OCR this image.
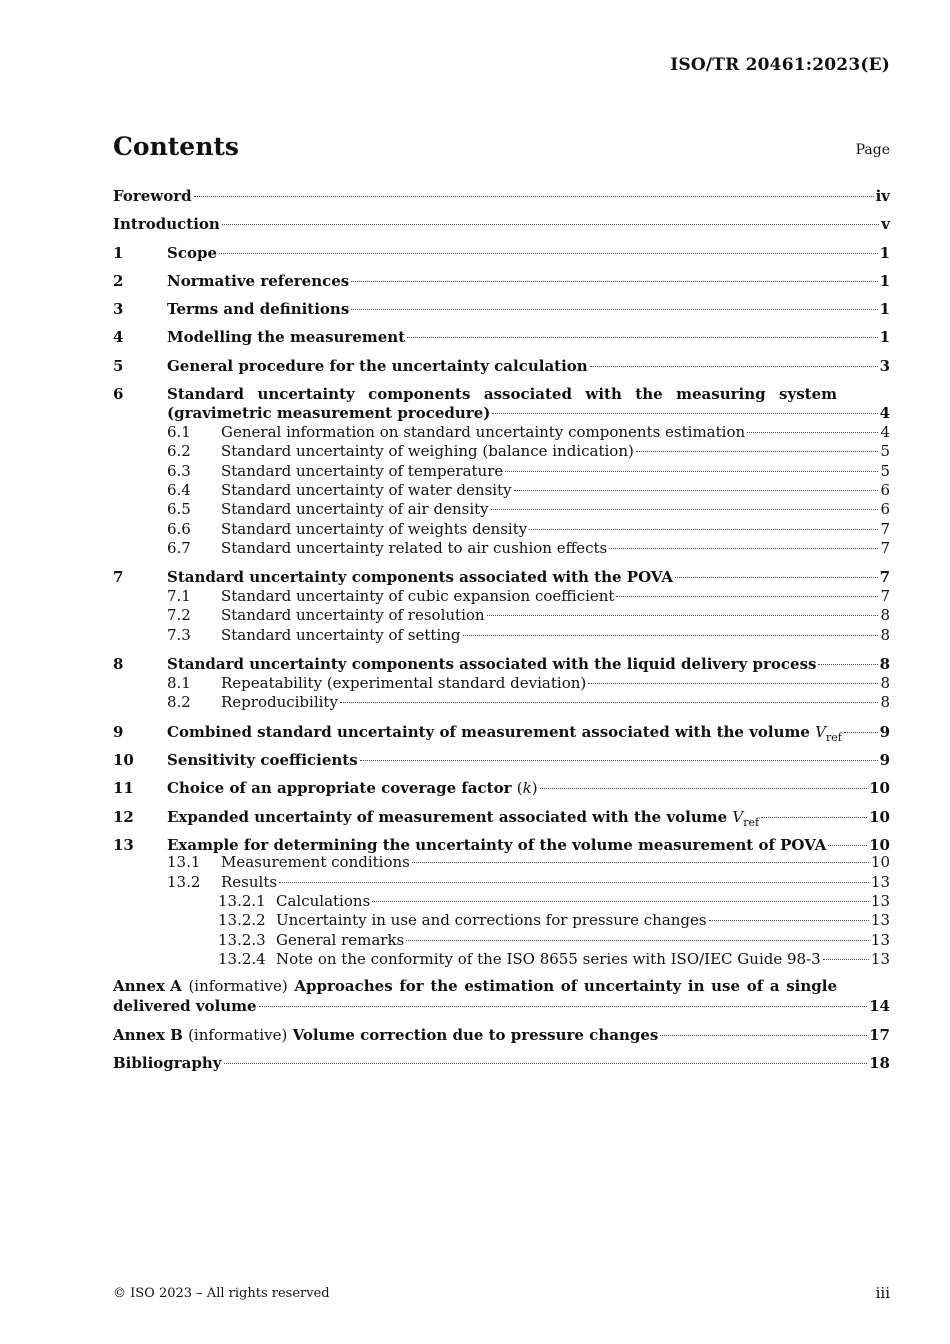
ISO/TR 20461:2023(E)
Contents	Page
Foreword	iv
Introduction	v
1	Scope	1
2	Normative references	1
3	Terms and definitions	1
4	Modelling the measurement	1
5	General procedure for the uncertainty calculation	3
6	Standard uncertainty components associated with the measuring system
(gravimetric measurement procedure)	4
6.1	General information on standard uncertainty components estimation	4
6.2	Standard uncertainty of weighing (balance indication)	5
6.3	Standard uncertainty of temperature	5
6.4	Standard uncertainty of water density	6
6.5	Standard uncertainty of air density	6
6.6	Standard uncertainty of weights density	7
6.7	Standard uncertainty related to air cushion effects	7
7	Standard uncertainty components associated with the POVA	7
7.1	Standard uncertainty of cubic expansion coefficient	7
7.2	Standard uncertainty of resolution	8
7.3	Standard uncertainty of setting	8
8	Standard uncertainty components associated with the liquid delivery process	8
8.1	Repeatability (experimental standard deviation)	8
8.2	Reproducibility	8
9	Combined standard uncertainty of measurement associated with the volume $V_{ref}$	9
10	Sensitivity coefficients	9
11	Choice of an appropriate coverage factor (k)	10
12	Expanded uncertainty of measurement associated with the volume $V_{ref}$	10
13	Example for determining the uncertainty of the volume measurement of POVA	10
13.1	Measurement conditions	10
13.2	Results	13
13.2.1 Calculations	13
13.2.2 Uncertainty in use and corrections for pressure changes	13
13.2.3 General remarks	13
13.2.4 Note on the conformity of the ISO 8655 series with ISO/IEC Guide 98-3	13
Annex A (informative) Approaches for the estimation of uncertainty in use of a single
delivered volume	14
Annex B (informative) Volume correction due to pressure changes	17
Bibliography	18
© ISO 2023 – All rights reserved	iii
